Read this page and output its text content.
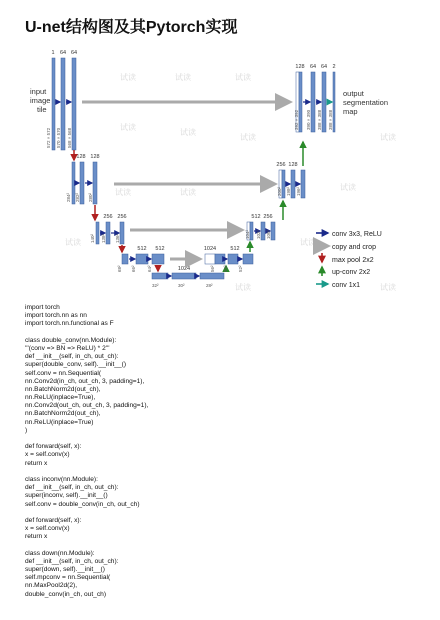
U-net结构图及其Pytorch实现
试读	试读	试读
试读
试读
试读	试读
试读	试读
试读
试读	试读
试读	试读
input
image
tile
output
segmentation
map
1 64 64
128 64 64 2
128 128
256 128
256 256	512 256
512 512	1024	512
1024
572 × 572 570 × 570 568 × 568
392 × 392 390 × 390 388 × 388 388 × 388
284² 282² 280²
200² 198² 196²
140² 138² 136²	104² 102² 100²
68² 66² 64²	56² 54² 52²
32²	30²	28²
conv 3x3, ReLU
copy and crop
max pool 2x2
up-conv 2x2
conv 1x1
import torch
import torch.nn as nn
import torch.nn.functional as F
class double_conv(nn.Module):
'''(conv => BN => ReLU) * 2'''
def __init__(self, in_ch, out_ch):
super(double_conv, self).__init__()
self.conv = nn.Sequential(
nn.Conv2d(in_ch, out_ch, 3, padding=1),
nn.BatchNorm2d(out_ch),
nn.ReLU(inplace=True),
nn.Conv2d(out_ch, out_ch, 3, padding=1),
nn.BatchNorm2d(out_ch),
nn.ReLU(inplace=True)
)
def forward(self, x):
x = self.conv(x)
return x
class inconv(nn.Module):
def __init__(self, in_ch, out_ch):
super(inconv, self).__init__()
self.conv = double_conv(in_ch, out_ch)
def forward(self, x):
x = self.conv(x)
return x
class down(nn.Module):
def __init__(self, in_ch, out_ch):
super(down, self).__init__()
self.mpconv = nn.Sequential(
nn.MaxPool2d(2),
double_conv(in_ch, out_ch)
